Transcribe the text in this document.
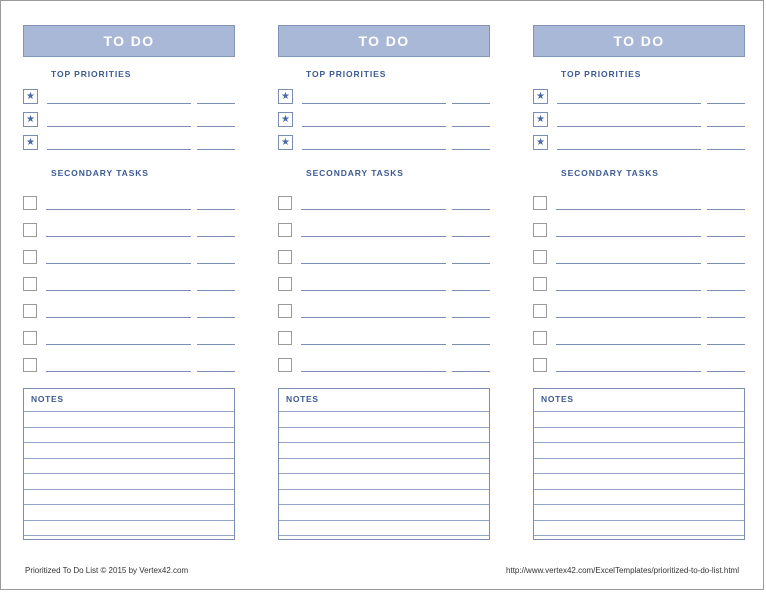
TO DO
TOP PRIORITIES
★
★
★
SECONDARY TASKS
NOTES
TO DO
TOP PRIORITIES
★
★
★
SECONDARY TASKS
NOTES
TO DO
TOP PRIORITIES
★
★
★
SECONDARY TASKS
NOTES
Prioritized To Do List © 2015 by Vertex42.com	http://www.vertex42.com/ExcelTemplates/prioritized-to-do-list.html
